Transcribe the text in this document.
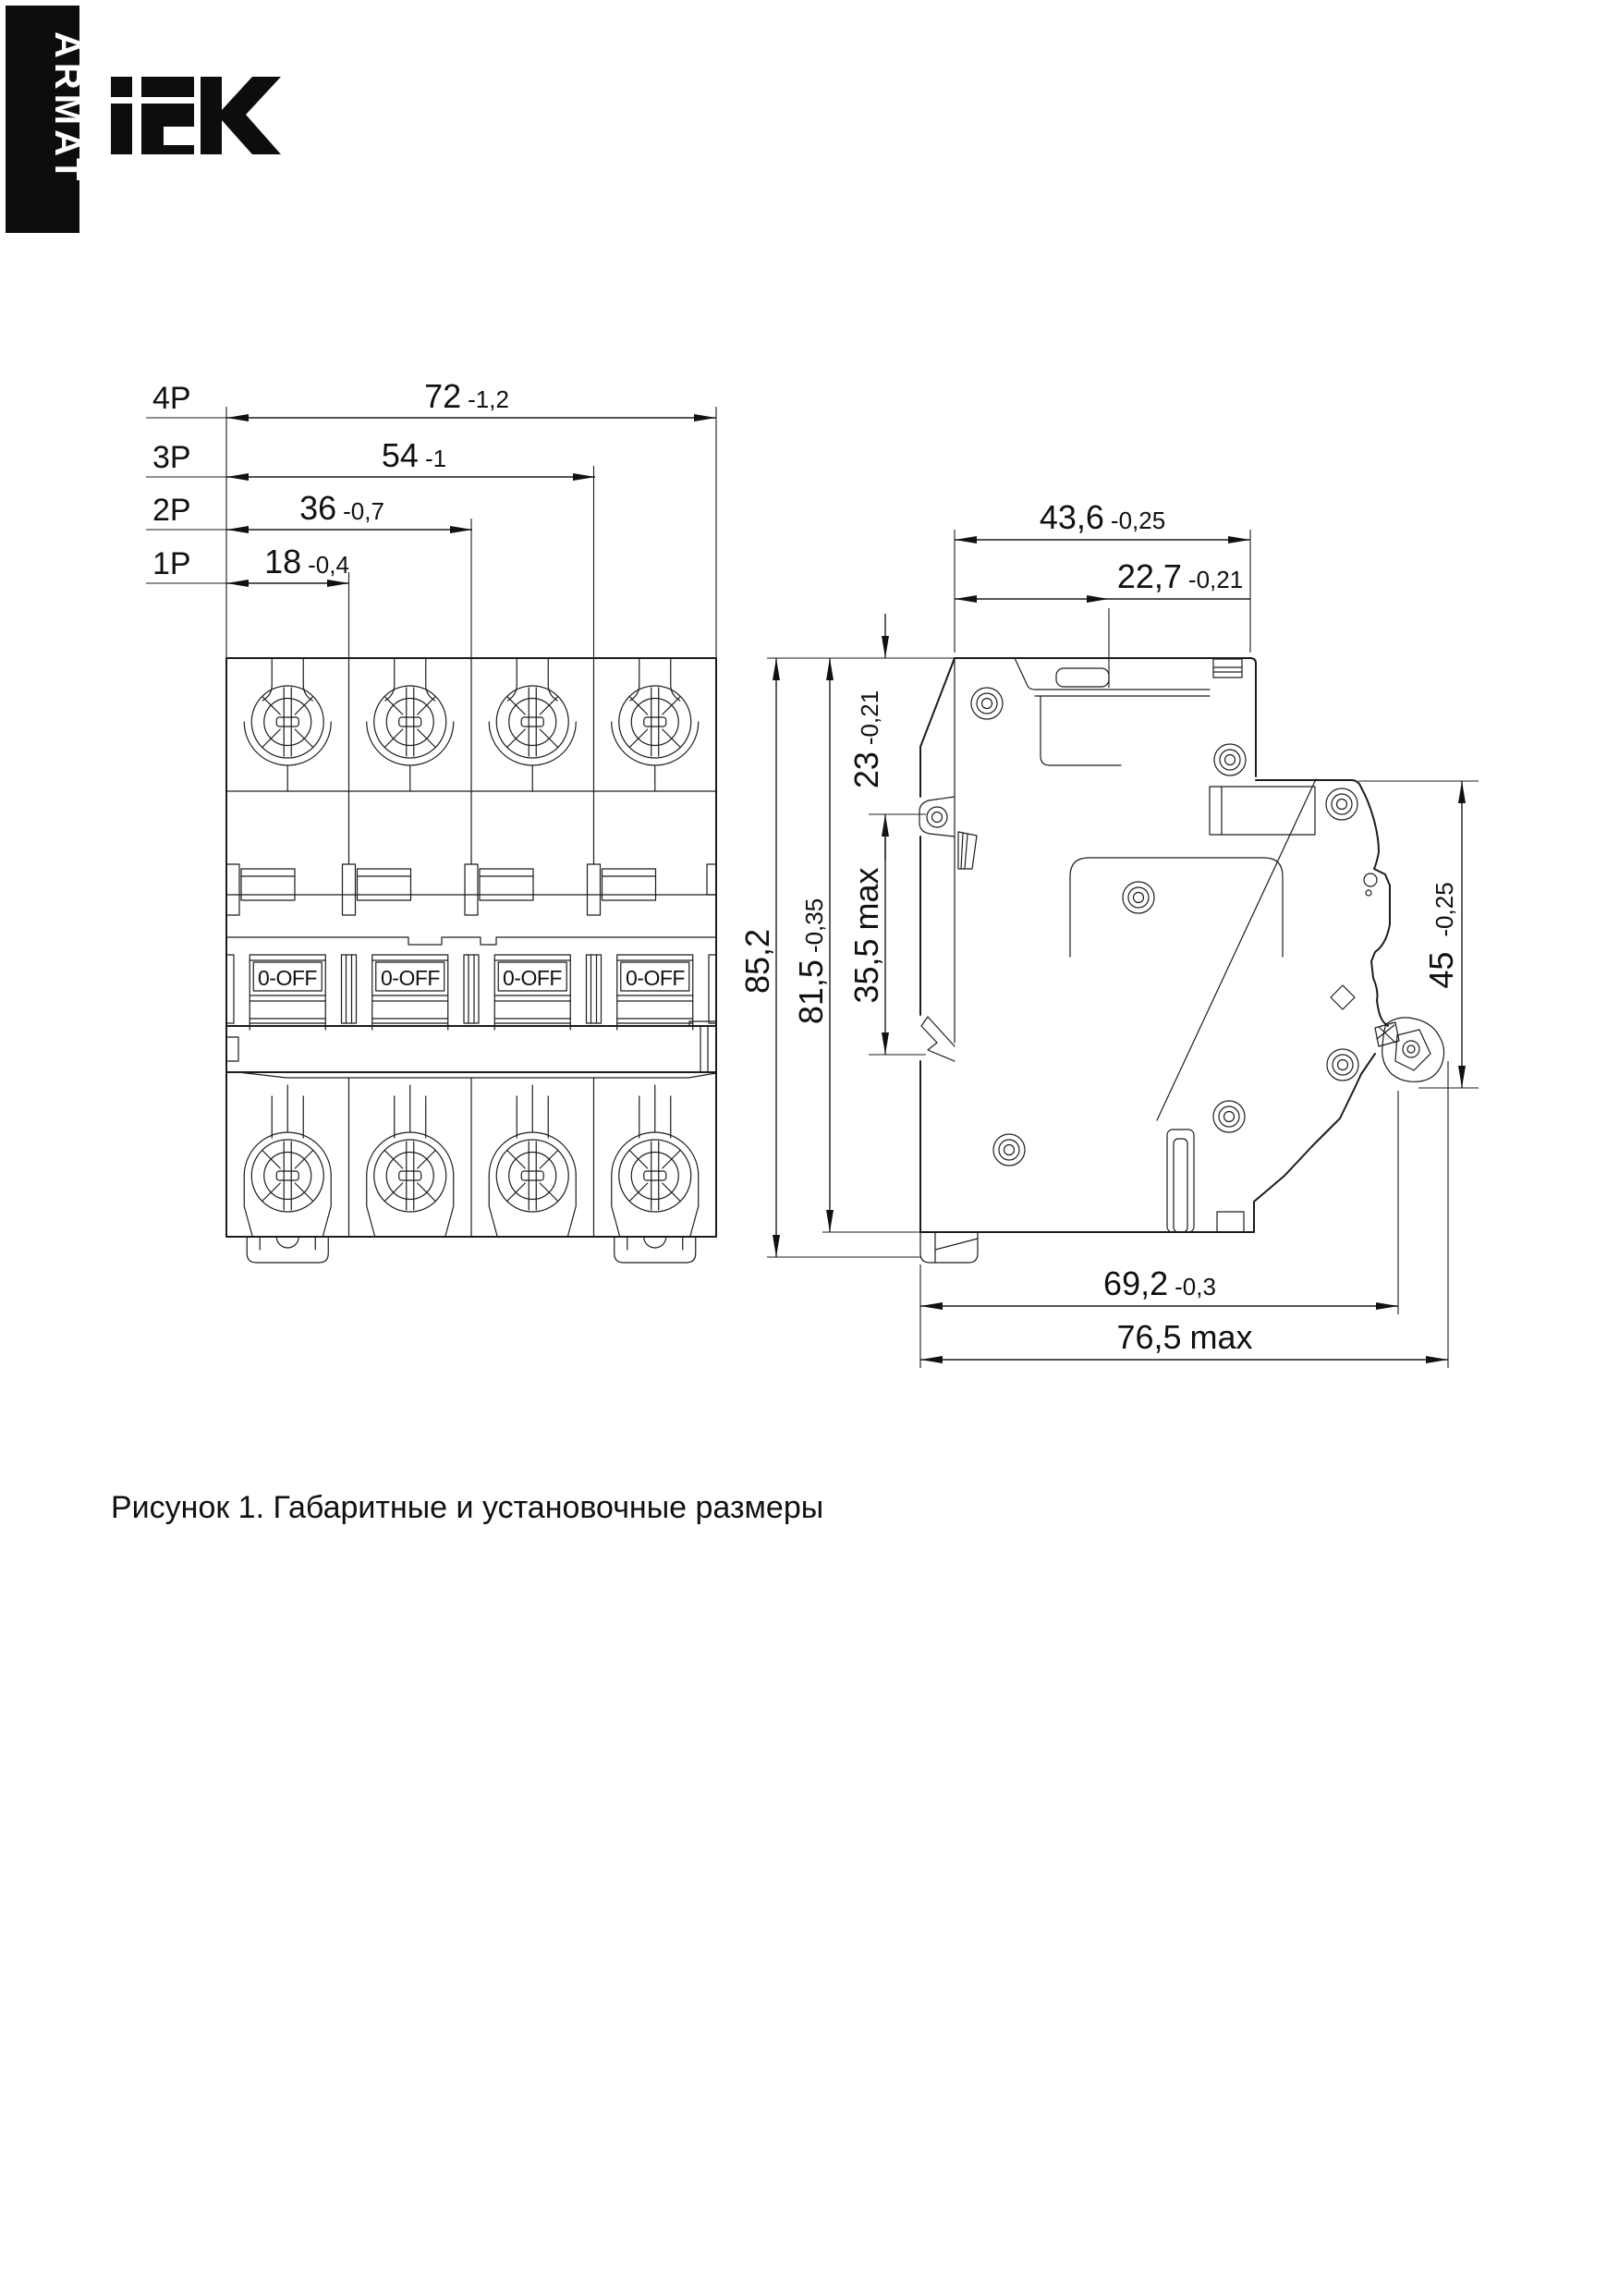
ARMAT
0-OFF	0-OFF	0-OFF	0-OFF
4P
3P
2P
1P
72 -1,2
54 -1
36 -0,7
18 -0,4
43,6 -0,25
22,7 -0,21
85,2 81,5-0,35
23-0,21
35,5max
45-0,25
69,2 -0,3
76,5 max
Рисунок 1. Габаритные и установочные размеры
